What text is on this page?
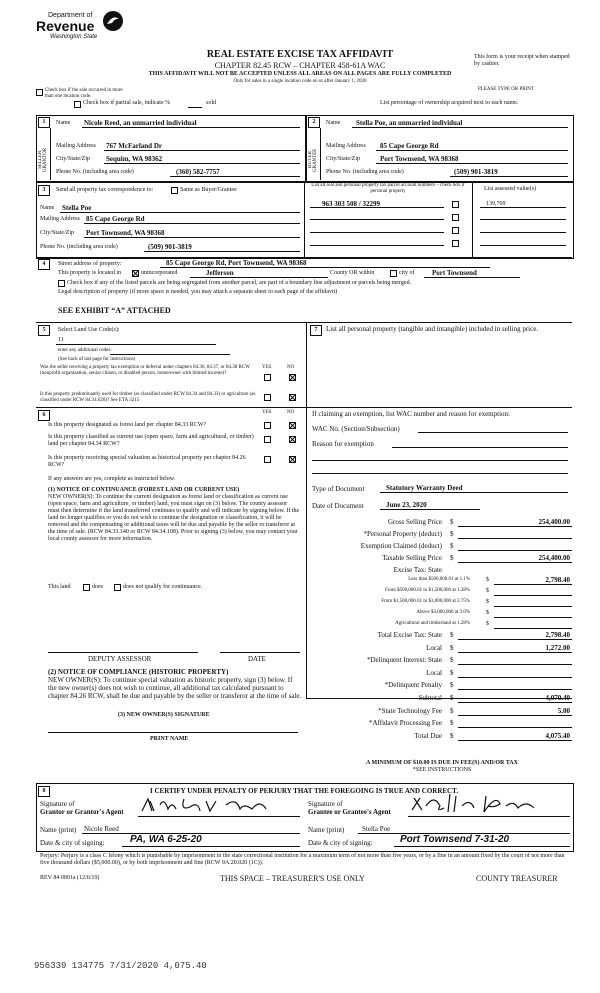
Department of
Revenue
Washington State
REAL ESTATE EXCISE TAX AFFIDAVIT
CHAPTER 82.45 RCW – CHAPTER 458-61A WAC
THIS AFFIDAVIT WILL NOT BE ACCEPTED UNLESS ALL AREAS ON ALL PAGES ARE FULLY COMPLETED
Only for sales in a single location code on or after January 1, 2020
This form is your receipt when stamped by cashier.
PLEASE TYPE OR PRINT
Check box if the sale occurred in more than one location code.
Check box if partial sale, indicate %	sold	List percentage of ownership acquired next to each name.
1
SELLER GRANTOR
Name Nicole Reed, an unmarried individual
Mailing Address 767 McFarland Dr
City/State/Zip Sequim, WA 98362
Phone No. (including area code)	(360) 582-7757
2
BUYER GRANTEE
Name Stella Poe, an unmarried individual
Mailing Address 85 Cape George Rd
City/State/Zip	Port Townsend, WA 98368
Phone No. (including area code)	(509) 901-3819
3	Send all property tax correspondence to:	Same as Buyer/Grantee
Name Stella Poe
Mailing Address 85 Cape George Rd
City/State/Zip Port Townsend, WA 98368
Phone No. (including area code)	(509) 901-3819
List all real and personal property tax parcel account numbers – check box if personal property	List assessed value(s)
963 303 508 / 32299	139,709
4	Street address of property:	85 Cape George Rd, Port Townsend, WA 98368
This property is located in	unincorporated	Jefferson	County OR within	city of	Port Townsend
Check box if any of the listed parcels are being segregated from another parcel, are part of a boundary line adjustment or parcels being merged.
Legal description of property (if more space is needed, you may attach a separate sheet to each page of the affidavit)
SEE EXHIBIT “A” ATTACHED
5	Select Land Use Code(s):
11
enter any additional codes:
(See back of last page for instructions)
YES	NO
Was the seller receiving a property tax exemption or deferral under chapters 84.36, 84.37, or 84.38 RCW (nonprofit organization, senior citizen, or disabled person, homeowner with limited income)?
Is this property predominantly used for timber (as classified under RCW 84.34 and 84.33) or agriculture (as classified under RCW 84.34.020)? See ETA 3215
6	YES	NO
Is this property designated as forest land per chapter 84.33 RCW?
Is this property classified as current use (open space, farm and agricultural, or timber) land per chapter 84.34 RCW?
Is this property receiving special valuation as historical property per chapter 84.26 RCW?
If any answers are yes, complete as instructed below.
(1) NOTICE OF CONTINUANCE (FOREST LAND OR CURRENT USE)
NEW OWNER(S): To continue the current designation as forest land or classification as current use (open space, farm and agriculture, or timber) land, you must sign on (3) below. The county assessor must then determine if the land transferred continues to qualify and will indicate by signing below. If the land no longer qualifies or you do not wish to continue the designation or classification, it will be removed and the compensating or additional taxes will be due and payable by the seller or transferor at the time of sale. (RCW 84.33.140 or RCW 84.34.108). Prior to signing (3) below, you may contact your local county assessor for more information.
This land	does	does not qualify for continuance.
DEPUTY ASSESSOR	DATE
(2) NOTICE OF COMPLIANCE (HISTORIC PROPERTY)
NEW OWNER(S): To continue special valuation as historic property, sign (3) below. If the new owner(s) does not wish to continue, all additional tax calculated pursuant to chapter 84.26 RCW, shall be due and payable by the seller or transferor at the time of sale.
(3) NEW OWNER(S) SIGNATURE
PRINT NAME
7	List all personal property (tangible and intangible) included in selling price.
If claiming an exemption, list WAC number and reason for exemption:
WAC No. (Section/Subsection)
Reason for exemption
Type of Document	Statutory Warranty Deed
Date of Document	June 23, 2020
Gross Selling Price $	254,400.00
*Personal Property (deduct) $
Exemption Claimed (deduct) $
Taxable Selling Price $	254,400.00
Excise Tax: State
Less than $500,000.01 at 1.1%	$	2,798.40
From $500,000.01 to $1,500,000 at 1.28%	$
From $1,500,000.01 to $3,000,000 at 2.75%	$
Above $3,000,000 at 3.0%	$
Agricultural and timberland at 1.28%	$
Total Excise Tax: State $	2,798.40
Local $	1,272.00
*Delinquent Interest: State $
Local $
*Delinquent Penalty $
Subtotal $	4,070.40
*State Technology Fee $	5.00
*Affidavit Processing Fee $
Total Due $	4,075.40
A MINIMUM OF $10.00 IS DUE IN FEE(S) AND/OR TAX
*SEE INSTRUCTIONS
8	I CERTIFY UNDER PENALTY OF PERJURY THAT THE FOREGOING IS TRUE AND CORRECT.
Signature of
Grantor or Grantor's Agent
Name (print) Nicole Reed
Date & city of signing:	PA, WA 6-25-20
Signature of
Grantee or Grantee's Agent
Name (print)	Stella Poe
Date & city of signing:	Port Townsend 7-31-20
Perjury: Perjury is a class C felony which is punishable by imprisonment in the state correctional institution for a maximum term of not more than five years, or by a fine in an amount fixed by the court of not more than five thousand dollars ($5,000.00), or by both imprisonment and fine (RCW 9A.20.020 (1C)).
REV 84 0001a (12/6/19)	THIS SPACE – TREASURER'S USE ONLY	COUNTY TREASURER
956339 134775 7/31/2020 4,075.40
